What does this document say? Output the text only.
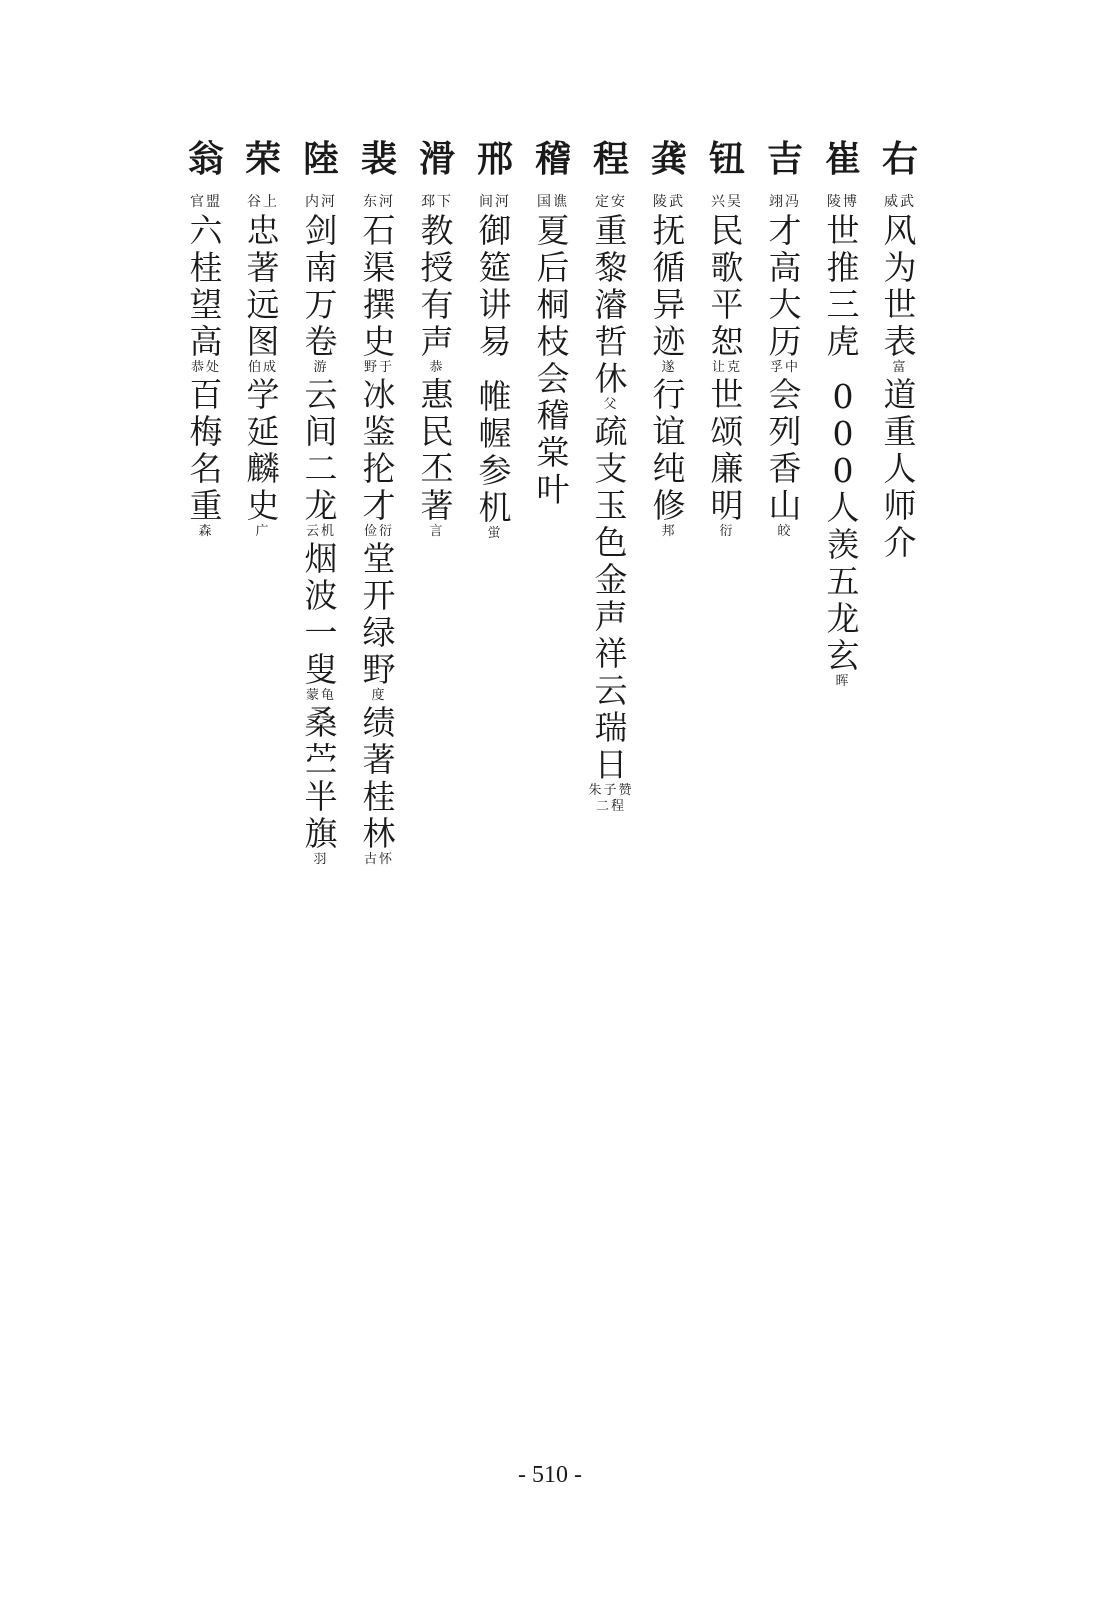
右
威武
风
为
世
表
富
道
重
人
师
介
崔
陵博
世
推
三
虎
0
0
0
人
羡
五
龙
玄
晖
吉
翊冯
才
高
大
历
孚中
会
列
香
山
皎
钮
兴吴
民
歌
平
恕
让克
世
颂
廉
明
衍
龚
陵武
抚
循
异
迹
遂
行
谊
纯
修
邦
程
定安
重
黎
濬
哲
休
父
疏
支
玉
色
金
声
祥
云
瑞
日
朱子赞
二程
稽
国谯
夏
后
桐
枝
会
稽
棠
叶
邢
间河
御
筵
讲
易
帷
幄
参
机
蛍
滑
邳下
教
授
有
声
恭
惠
民
丕
著
言
裴
东河
石
渠
撰
史
野于
冰
鉴
抡
才
俭衍
堂
开
绿
野
度
绩
著
桂
林
古怀
陸
内河
剑
南
万
卷
游
云
间
二
龙
云机
烟
波
一
叟
蒙龟
桑
苎
半
旗
羽
荣
谷上
忠
著
远
图
伯成
学
延
麟
史
广
翁
官盟
六
桂
望
高
恭处
百
梅
名
重
森
- 510 -
